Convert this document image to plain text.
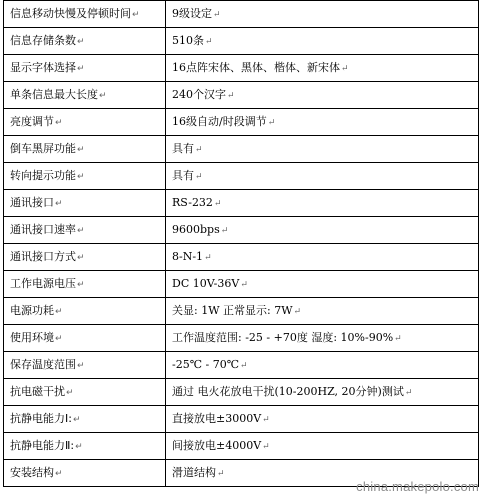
信息移动快慢及停顿时间↵	9级设定↵
信息存储条数↵	510条↵
显示字体选择↵	16点阵宋体、黑体、楷体、新宋体↵
单条信息最大长度↵	240个汉字↵
亮度调节↵	16级自动/时段调节↵
倒车黑屏功能↵	具有↵
转向提示功能↵	具有↵
通讯接口↵	RS-232↵
通讯接口速率↵	9600bps↵
通讯接口方式↵	8-N-1↵
工作电源电压↵	DC 10V-36V↵
电源功耗↵	关显: 1W 正常显示: 7W↵
使用环境↵	工作温度范围: -25 - +70度 湿度: 10%-90%↵
保存温度范围↵	-25℃ - 70℃↵
抗电磁干扰↵	通过 电火花放电干扰(10-200HZ, 20分钟)测试↵
抗静电能力Ⅰ:↵	直接放电±3000V↵
抗静电能力Ⅱ:↵	间接放电±4000V↵
安装结构↵	滑道结构↵
china.makepolo.com
